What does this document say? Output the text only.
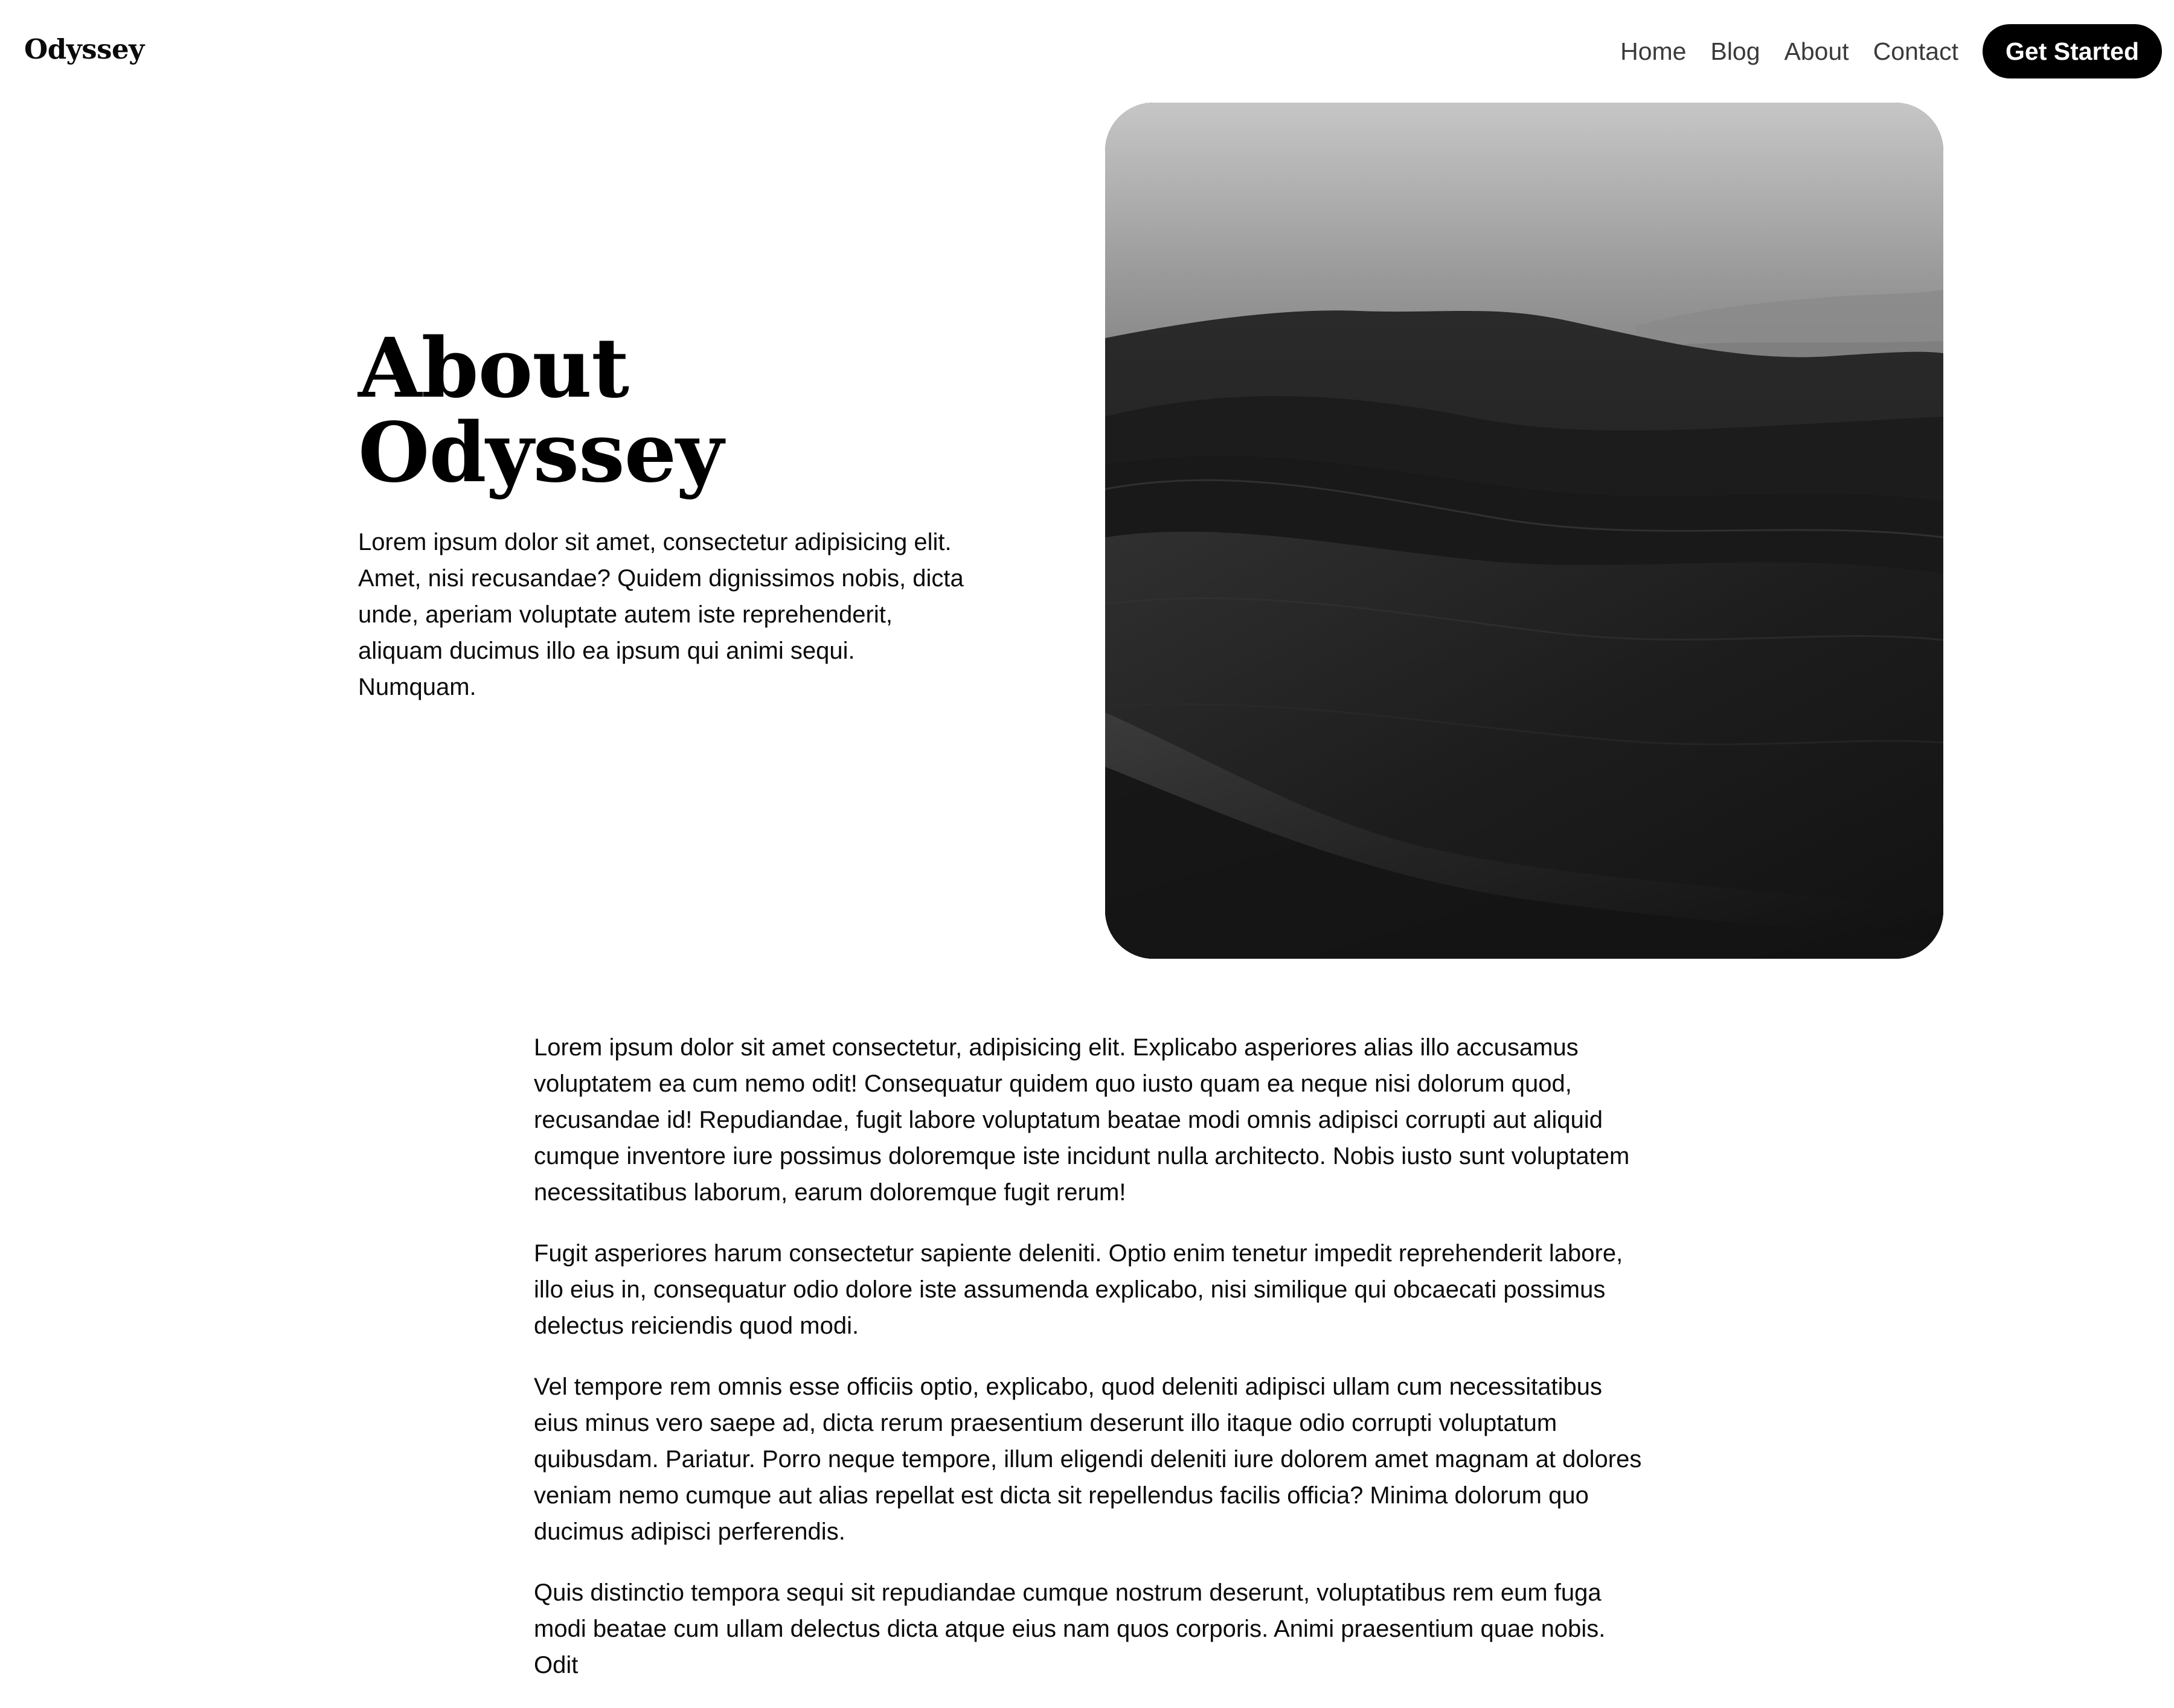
Odyssey	Home Blog About Contact	Get Started
About
Odyssey

Lorem ipsum dolor sit amet, consectetur adipisicing elit. Amet, nisi recusandae? Quidem dignissimos nobis, dicta unde, aperiam voluptate autem iste reprehenderit, aliquam ducimus illo ea ipsum qui animi sequi. Numquam.

Lorem ipsum dolor sit amet consectetur, adipisicing elit. Explicabo asperiores alias illo accusamus voluptatem ea cum nemo odit! Consequatur quidem quo iusto quam ea neque nisi dolorum quod, recusandae id! Repudiandae, fugit labore voluptatum beatae modi omnis adipisci corrupti aut aliquid cumque inventore iure possimus doloremque iste incidunt nulla architecto. Nobis iusto sunt voluptatem necessitatibus laborum, earum doloremque fugit rerum!

Fugit asperiores harum consectetur sapiente deleniti. Optio enim tenetur impedit reprehenderit labore, illo eius in, consequatur odio dolore iste assumenda explicabo, nisi similique qui obcaecati possimus delectus reiciendis quod modi.

Vel tempore rem omnis esse officiis optio, explicabo, quod deleniti adipisci ullam cum necessitatibus eius minus vero saepe ad, dicta rerum praesentium deserunt illo itaque odio corrupti voluptatum quibusdam. Pariatur. Porro neque tempore, illum eligendi deleniti iure dolorem amet magnam at dolores veniam nemo cumque aut alias repellat est dicta sit repellendus facilis officia? Minima dolorum quo ducimus adipisci perferendis.

Quis distinctio tempora sequi sit repudiandae cumque nostrum deserunt, voluptatibus rem eum fuga modi beatae cum ullam delectus dicta atque eius nam quos corporis. Animi praesentium quae nobis. Odit
